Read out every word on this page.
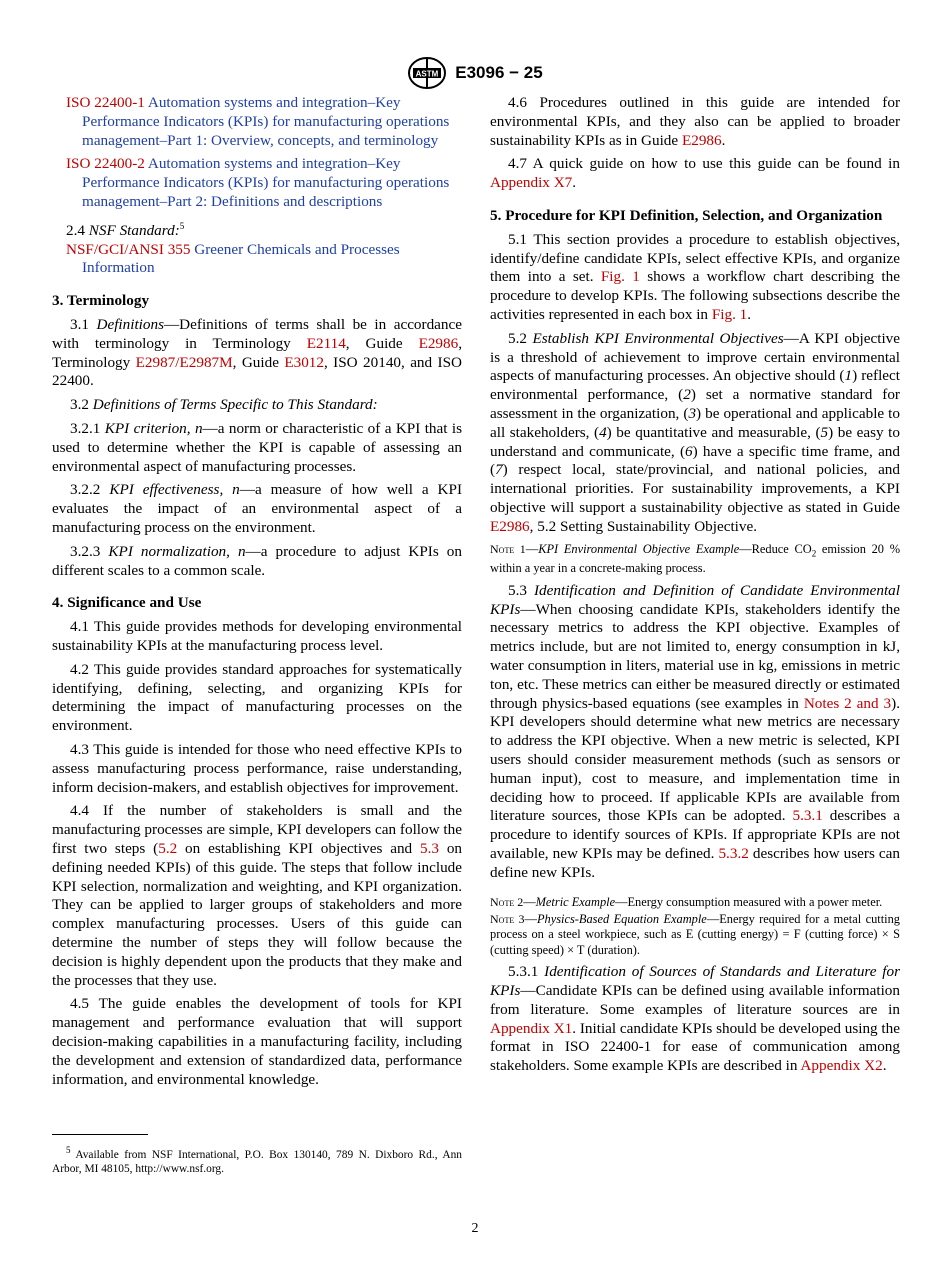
ASTM E3096 − 25

ISO 22400-1 Automation systems and integration–Key Performance Indicators (KPIs) for manufacturing operations management–Part 1: Overview, concepts, and terminology

ISO 22400-2 Automation systems and integration–Key Performance Indicators (KPIs) for manufacturing operations management–Part 2: Definitions and descriptions

2.4 NSF Standard:$^5$

NSF/GCI/ANSI 355 Greener Chemicals and Processes Information

3. Terminology

3.1 Definitions—Definitions of terms shall be in accordance with terminology in Terminology E2114, Guide E2986, Terminology E2987/E2987M, Guide E3012, ISO 20140, and ISO 22400.

3.2 Definitions of Terms Specific to This Standard:

3.2.1 KPI criterion, n—a norm or characteristic of a KPI that is used to determine whether the KPI is capable of assessing an environmental aspect of manufacturing processes.

3.2.2 KPI effectiveness, n—a measure of how well a KPI evaluates the impact of an environmental aspect of a manufacturing process on the environment.

3.2.3 KPI normalization, n—a procedure to adjust KPIs on different scales to a common scale.

4. Significance and Use

4.1 This guide provides methods for developing environmental sustainability KPIs at the manufacturing process level.

4.2 This guide provides standard approaches for systematically identifying, defining, selecting, and organizing KPIs for determining the impact of manufacturing processes on the environment.

4.3 This guide is intended for those who need effective KPIs to assess manufacturing process performance, raise understanding, inform decision-makers, and establish objectives for improvement.

4.4 If the number of stakeholders is small and the manufacturing processes are simple, KPI developers can follow the first two steps (5.2 on establishing KPI objectives and 5.3 on defining needed KPIs) of this guide. The steps that follow include KPI selection, normalization and weighting, and KPI organization. They can be applied to larger groups of stakeholders and more complex manufacturing processes. Users of this guide can determine the number of steps they will follow because the decision is highly dependent upon the products that they make and the processes that they use.

4.5 The guide enables the development of tools for KPI management and performance evaluation that will support decision-making capabilities in a manufacturing facility, including the development and extension of standardized data, performance information, and environmental knowledge.

4.6 Procedures outlined in this guide are intended for environmental KPIs, and they also can be applied to broader sustainability KPIs as in Guide E2986.

4.7 A quick guide on how to use this guide can be found in Appendix X7.

5. Procedure for KPI Definition, Selection, and Organization

5.1 This section provides a procedure to establish objectives, identify/define candidate KPIs, select effective KPIs, and organize them into a set. Fig. 1 shows a workflow chart describing the procedure to develop KPIs. The following subsections describe the activities represented in each box in Fig. 1.

5.2 Establish KPI Environmental Objectives—A KPI objective is a threshold of achievement to improve certain environmental aspects of manufacturing processes. An objective should (1) reflect environmental performance, (2) set a normative standard for assessment in the organization, (3) be operational and applicable to all stakeholders, (4) be quantitative and measurable, (5) be easy to understand and communicate, (6) have a specific time frame, and (7) respect local, state/provincial, and national policies, and international priorities. For sustainability improvements, a KPI objective will support a sustainability objective as stated in Guide E2986, 5.2 Setting Sustainability Objective.

Note 1—KPI Environmental Objective Example—Reduce $CO_2$ emission 20 % within a year in a concrete-making process.

5.3 Identification and Definition of Candidate Environmental KPIs—When choosing candidate KPIs, stakeholders identify the necessary metrics to address the KPI objective. Examples of metrics include, but are not limited to, energy consumption in kJ, water consumption in liters, material use in kg, emissions in metric ton, etc. These metrics can either be measured directly or estimated through physics-based equations (see examples in Notes 2 and 3). KPI developers should determine what new metrics are necessary to address the KPI objective. When a new metric is selected, KPI users should consider measurement methods (such as sensors or human input), cost to measure, and implementation time in deciding how to proceed. If applicable KPIs are available from literature sources, those KPIs can be adopted. 5.3.1 describes a procedure to identify sources of KPIs. If appropriate KPIs are not available, new KPIs may be defined. 5.3.2 describes how users can define new KPIs.

Note 2—Metric Example—Energy consumption measured with a power meter.

Note 3—Physics-Based Equation Example—Energy required for a metal cutting process on a steel workpiece, such as E (cutting energy) = F (cutting force) × S (cutting speed) × T (duration).

5.3.1 Identification of Sources of Standards and Literature for KPIs—Candidate KPIs can be defined using available information from literature. Some examples of literature sources are in Appendix X1. Initial candidate KPIs should be developed using the format in ISO 22400-1 for ease of communication among stakeholders. Some example KPIs are described in Appendix X2.

$^5$ Available from NSF International, P.O. Box 130140, 789 N. Dixboro Rd., Ann Arbor, MI 48105, http://www.nsf.org.

2
